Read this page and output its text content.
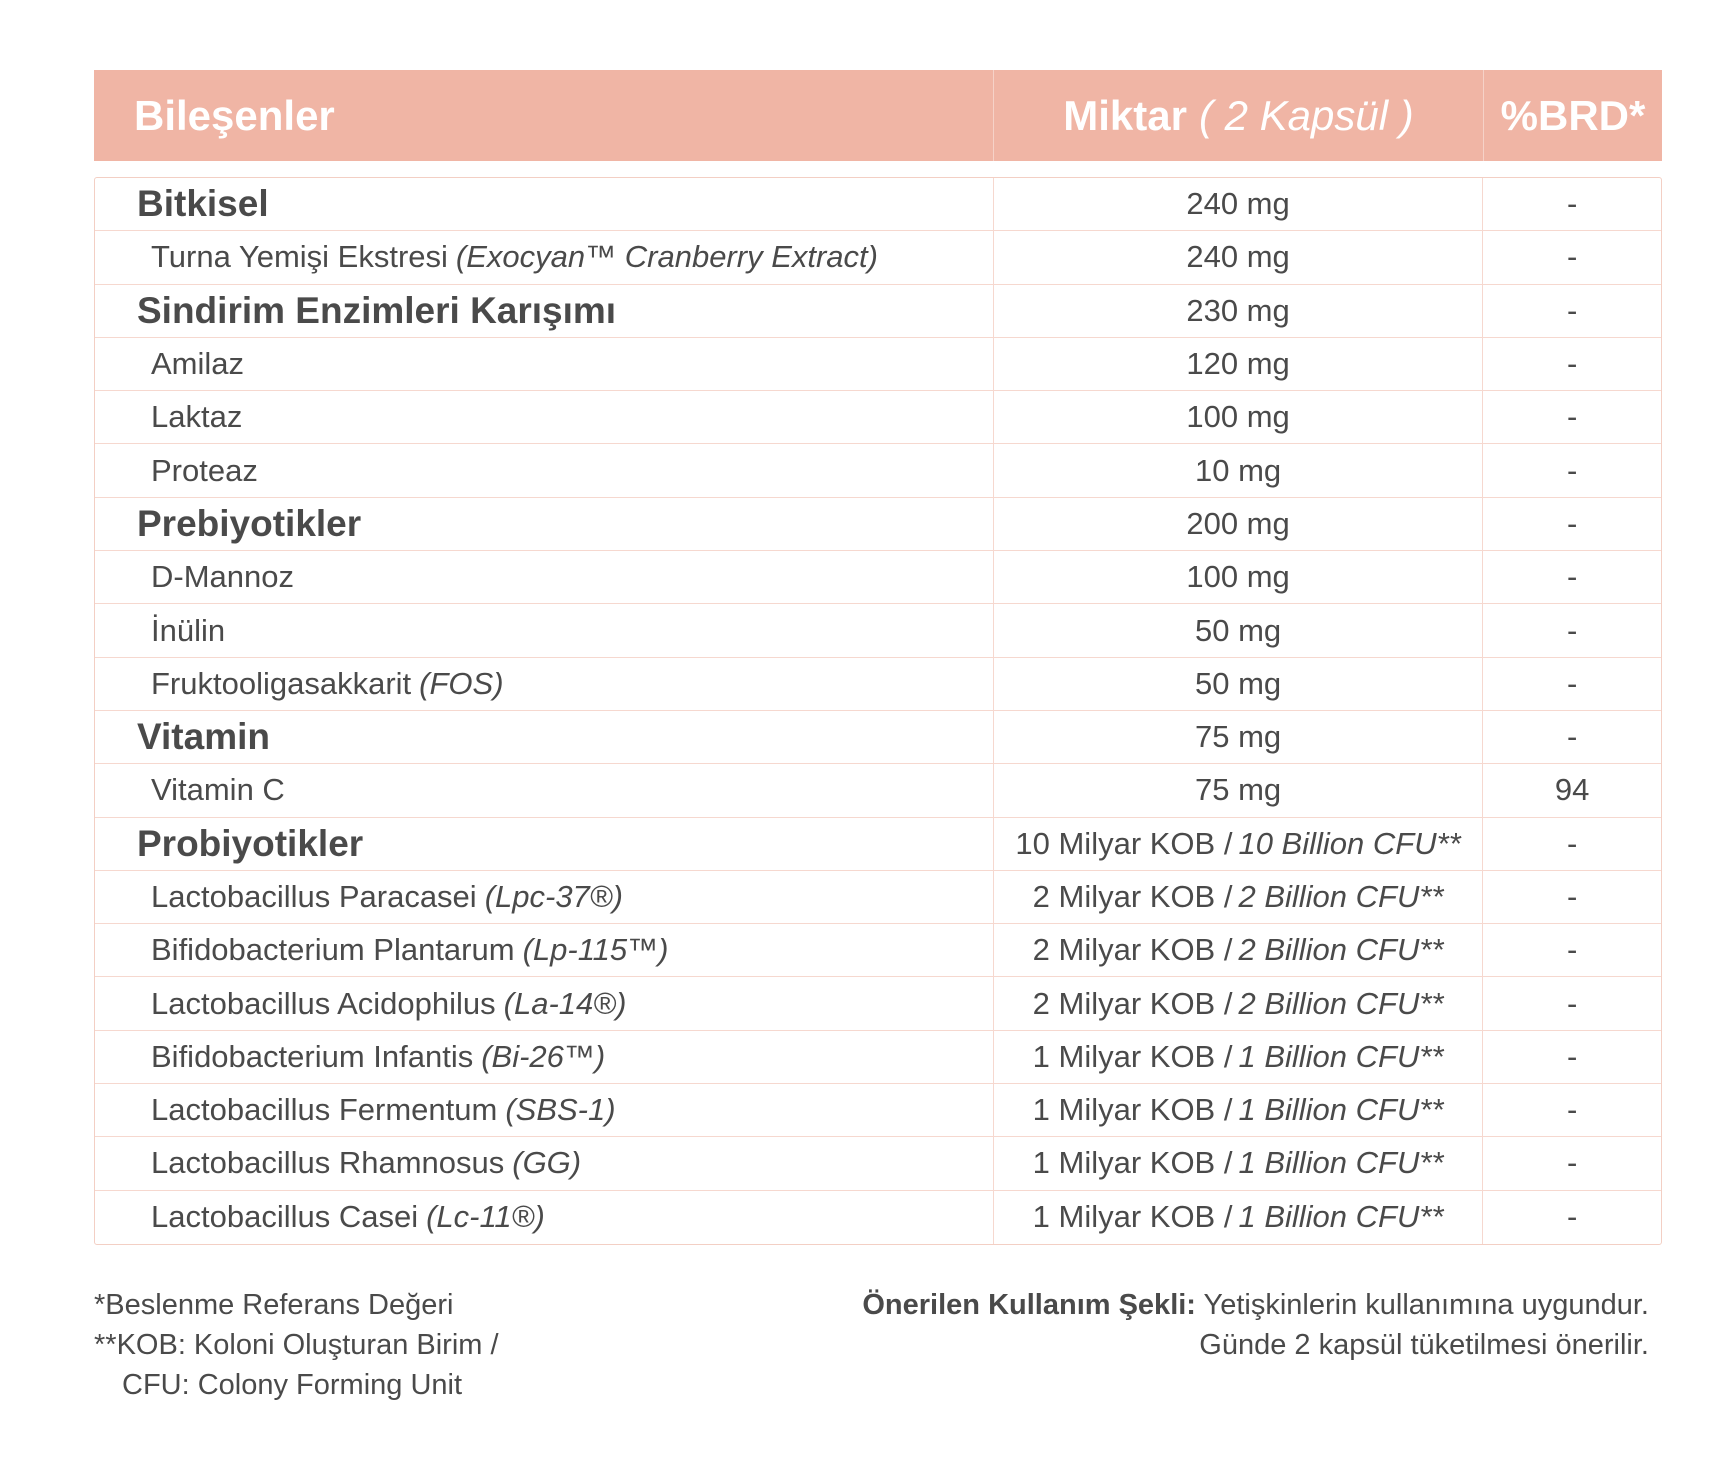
Bileşenler	Miktar ( 2 Kapsül )	%BRD*
Bitkisel	240 mg	-
Turna Yemişi Ekstresi (Exocyan™ Cranberry Extract)	240 mg	-
Sindirim Enzimleri Karışımı	230 mg	-
Amilaz	120 mg	-
Laktaz	100 mg	-
Proteaz	10 mg	-
Prebiyotikler	200 mg	-
D-Mannoz	100 mg	-
İnülin	50 mg	-
Fruktooligasakkarit (FOS)	50 mg	-
Vitamin	75 mg	-
Vitamin C	75 mg	94
Probiyotikler	10 Milyar KOB / 10 Billion CFU**	-
Lactobacillus Paracasei (Lpc-37®)	2 Milyar KOB / 2 Billion CFU**	-
Bifidobacterium Plantarum (Lp-115™)	2 Milyar KOB / 2 Billion CFU**	-
Lactobacillus Acidophilus (La-14®)	2 Milyar KOB / 2 Billion CFU**	-
Bifidobacterium Infantis (Bi-26™)	1 Milyar KOB / 1 Billion CFU**	-
Lactobacillus Fermentum (SBS-1)	1 Milyar KOB / 1 Billion CFU**	-
Lactobacillus Rhamnosus (GG)	1 Milyar KOB / 1 Billion CFU**	-
Lactobacillus Casei (Lc-11®)	1 Milyar KOB / 1 Billion CFU**	-
*Beslenme Referans Değeri
**KOB: Koloni Oluşturan Birim /
CFU: Colony Forming Unit
Önerilen Kullanım Şekli: Yetişkinlerin kullanımına uygundur.
Günde 2 kapsül tüketilmesi önerilir.
